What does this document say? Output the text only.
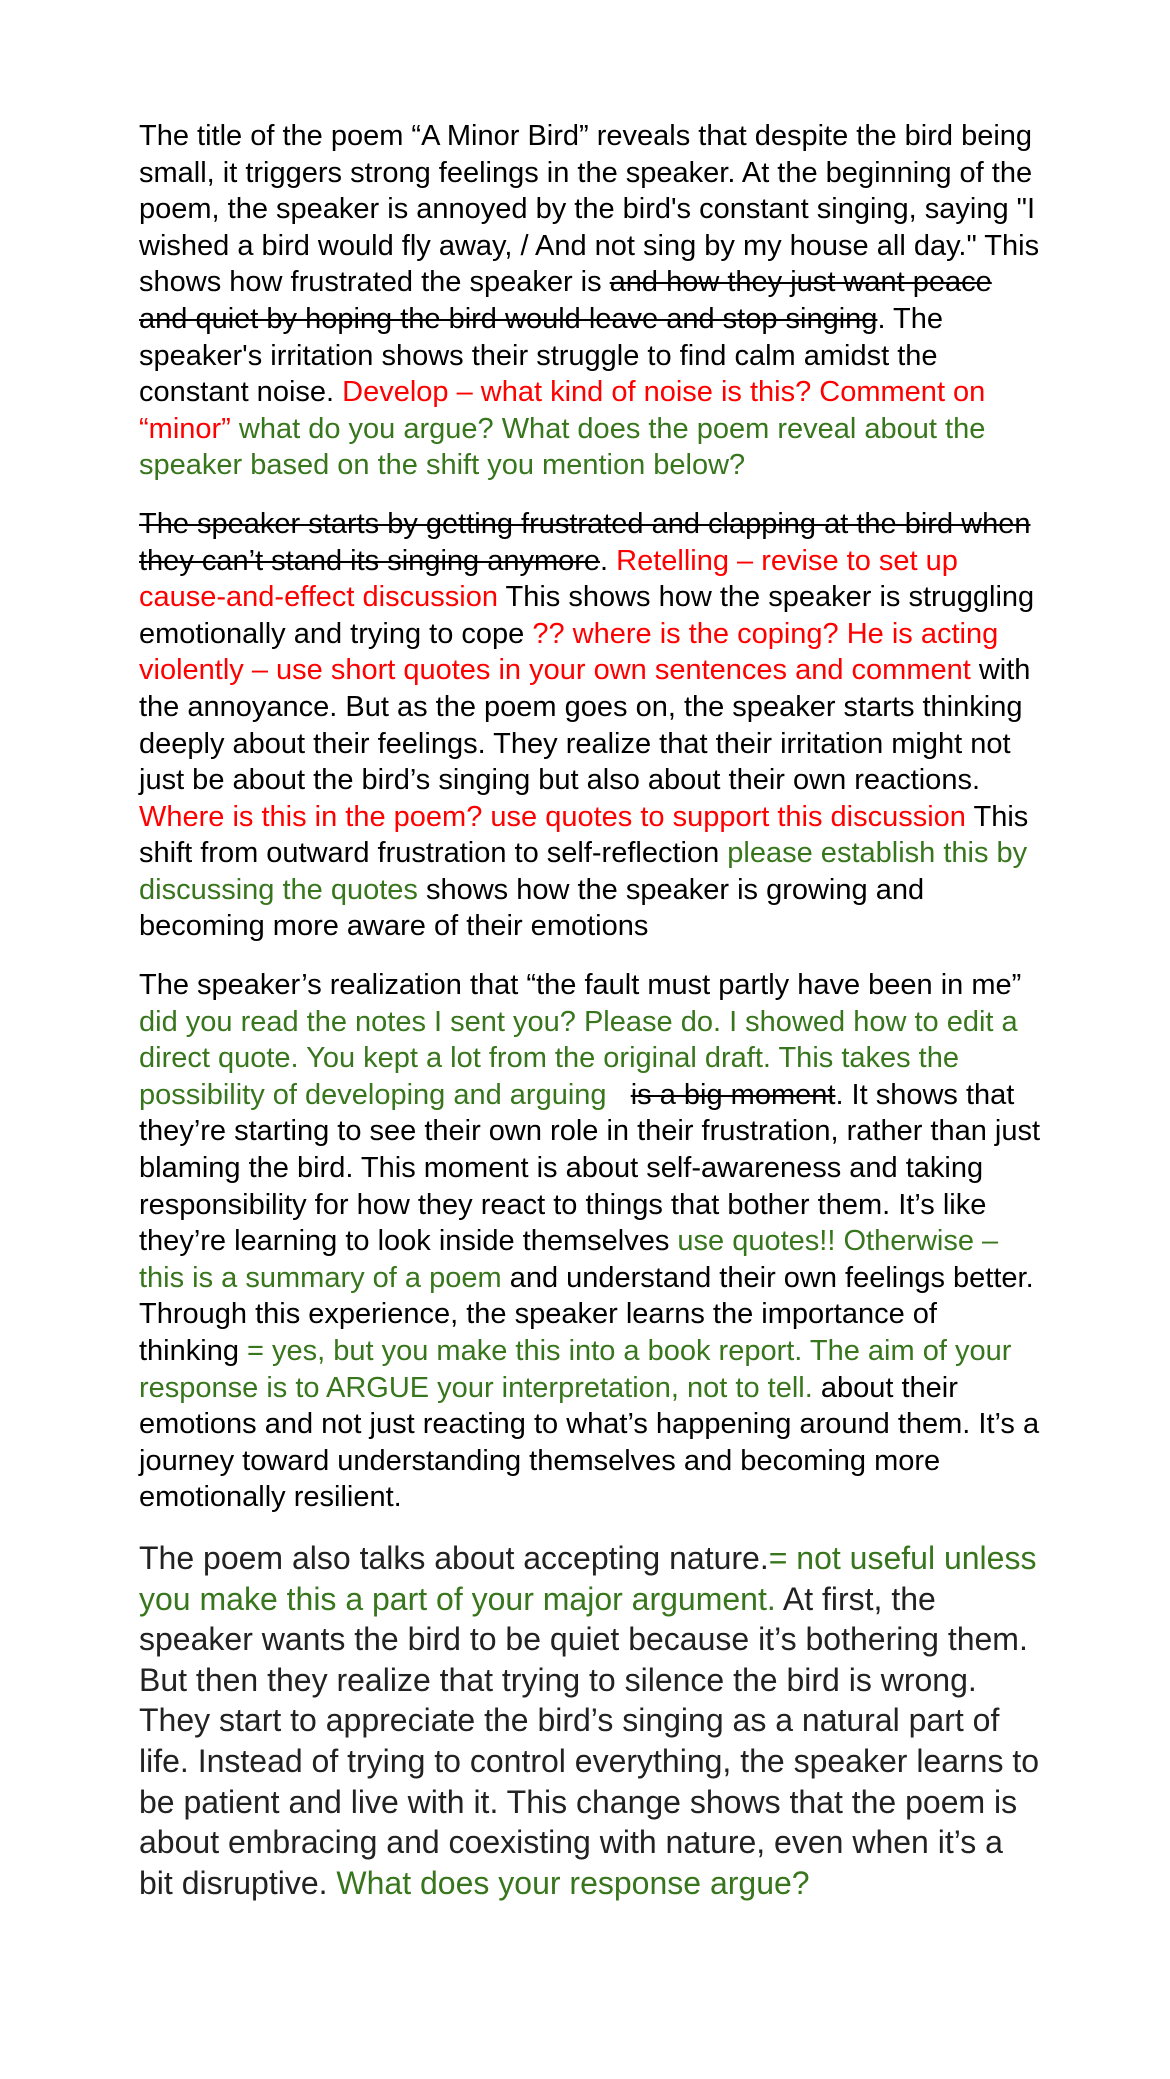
The title of the poem “A Minor Bird” reveals that despite the bird being small, it triggers strong feelings in the speaker. At the beginning of the poem, the speaker is annoyed by the bird's constant singing, saying "I wished a bird would fly away, / And not sing by my house all day." This shows how frustrated the speaker is and how they just want peace and quiet by hoping the bird would leave and stop singing. The speaker's irritation shows their struggle to find calm amidst the constant noise. Develop – what kind of noise is this? Comment on “minor” what do you argue? What does the poem reveal about the speaker based on the shift you mention below?

The speaker starts by getting frustrated and clapping at the bird when they can’t stand its singing anymore. Retelling – revise to set up cause-and-effect discussion This shows how the speaker is struggling emotionally and trying to cope ?? where is the coping? He is acting violently – use short quotes in your own sentences and comment with the annoyance. But as the poem goes on, the speaker starts thinking deeply about their feelings. They realize that their irritation might not just be about the bird’s singing but also about their own reactions. Where is this in the poem? use quotes to support this discussion This shift from outward frustration to self-reflection please establish this by discussing the quotes shows how the speaker is growing and becoming more aware of their emotions

The speaker’s realization that “the fault must partly have been in me” did you read the notes I sent you? Please do. I showed how to edit a direct quote. You kept a lot from the original draft. This takes the possibility of developing and arguing   is a big moment. It shows that they’re starting to see their own role in their frustration, rather than just blaming the bird. This moment is about self-awareness and taking responsibility for how they react to things that bother them. It’s like they’re learning to look inside themselves use quotes!! Otherwise – this is a summary of a poem and understand their own feelings better. Through this experience, the speaker learns the importance of thinking = yes, but you make this into a book report. The aim of your response is to ARGUE your interpretation, not to tell. about their emotions and not just reacting to what’s happening around them. It’s a journey toward understanding themselves and becoming more emotionally resilient.

The poem also talks about accepting nature.= not useful unless you make this a part of your major argument. At first, the speaker wants the bird to be quiet because it’s bothering them. But then they realize that trying to silence the bird is wrong. They start to appreciate the bird’s singing as a natural part of life. Instead of trying to control everything, the speaker learns to be patient and live with it. This change shows that the poem is about embracing and coexisting with nature, even when it’s a bit disruptive. What does your response argue?
